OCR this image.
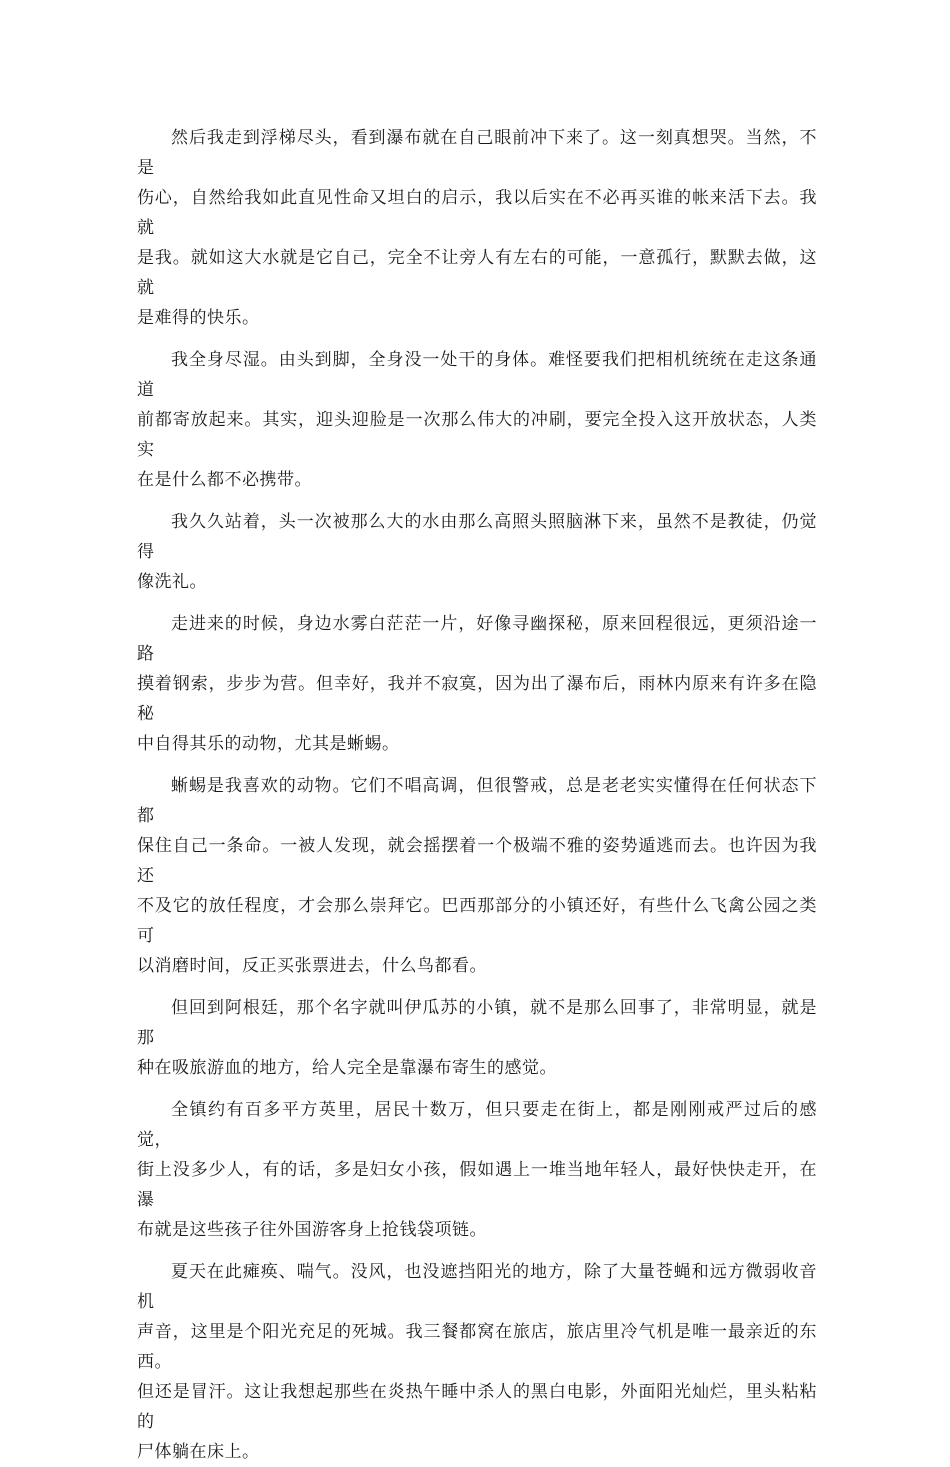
然后我走到浮梯尽头，看到瀑布就在自己眼前冲下来了。这一刻真想哭。当然，不是
伤心，自然给我如此直见性命又坦白的启示，我以后实在不必再买谁的帐来活下去。我就
是我。就如这大水就是它自己，完全不让旁人有左右的可能，一意孤行，默默去做，这就
是难得的快乐。

我全身尽湿。由头到脚，全身没一处干的身体。难怪要我们把相机统统在走这条通道
前都寄放起来。其实，迎头迎脸是一次那么伟大的冲刷，要完全投入这开放状态，人类实
在是什么都不必携带。

我久久站着，头一次被那么大的水由那么高照头照脑淋下来，虽然不是教徒，仍觉得
像洗礼。

走进来的时候，身边水雾白茫茫一片，好像寻幽探秘，原来回程很远，更须沿途一路
摸着钢索，步步为营。但幸好，我并不寂寞，因为出了瀑布后，雨林内原来有许多在隐秘
中自得其乐的动物，尤其是蜥蜴。

蜥蜴是我喜欢的动物。它们不唱高调，但很警戒，总是老老实实懂得在任何状态下都
保住自己一条命。一被人发现，就会摇摆着一个极端不雅的姿势遁逃而去。也许因为我还
不及它的放任程度，才会那么崇拜它。巴西那部分的小镇还好，有些什么飞禽公园之类可
以消磨时间，反正买张票进去，什么鸟都看。

但回到阿根廷，那个名字就叫伊瓜苏的小镇，就不是那么回事了，非常明显，就是那
种在吸旅游血的地方，给人完全是靠瀑布寄生的感觉。

全镇约有百多平方英里，居民十数万，但只要走在街上，都是刚刚戒严过后的感觉，
街上没多少人，有的话，多是妇女小孩，假如遇上一堆当地年轻人，最好快快走开，在瀑
布就是这些孩子往外国游客身上抢钱袋项链。

夏天在此瘫痪、喘气。没风，也没遮挡阳光的地方，除了大量苍蝇和远方微弱收音机
声音，这里是个阳光充足的死城。我三餐都窝在旅店，旅店里冷气机是唯一最亲近的东西。
但还是冒汗。这让我想起那些在炎热午睡中杀人的黑白电影，外面阳光灿烂，里头粘粘的
尸体躺在床上。
